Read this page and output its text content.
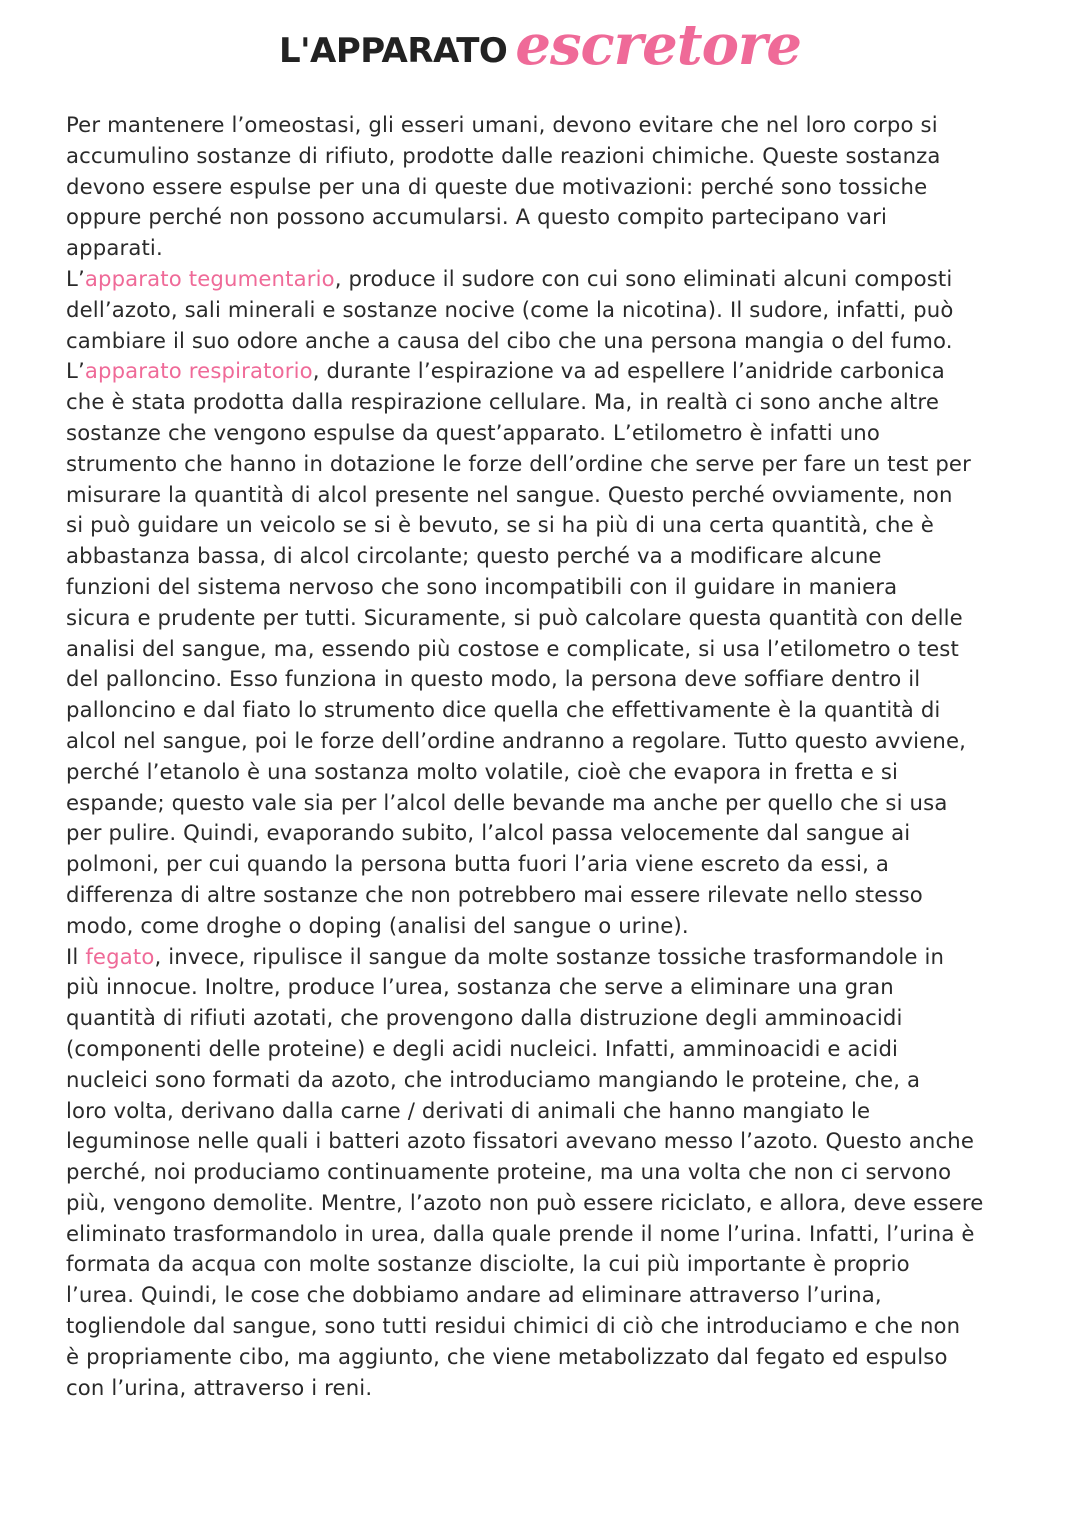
L'APPARATO escretore
Per mantenere l’omeostasi, gli esseri umani, devono evitare che nel loro corpo si
accumulino sostanze di rifiuto, prodotte dalle reazioni chimiche. Queste sostanza
devono essere espulse per una di queste due motivazioni: perché sono tossiche
oppure perché non possono accumularsi. A questo compito partecipano vari
apparati.
L’apparato tegumentario, produce il sudore con cui sono eliminati alcuni composti
dell’azoto, sali minerali e sostanze nocive (come la nicotina). Il sudore, infatti, può
cambiare il suo odore anche a causa del cibo che una persona mangia o del fumo.
L’apparato respiratorio, durante l’espirazione va ad espellere l’anidride carbonica
che è stata prodotta dalla respirazione cellulare. Ma, in realtà ci sono anche altre
sostanze che vengono espulse da quest’apparato. L’etilometro è infatti uno
strumento che hanno in dotazione le forze dell’ordine che serve per fare un test per
misurare la quantità di alcol presente nel sangue. Questo perché ovviamente, non
si può guidare un veicolo se si è bevuto, se si ha più di una certa quantità, che è
abbastanza bassa, di alcol circolante; questo perché va a modificare alcune
funzioni del sistema nervoso che sono incompatibili con il guidare in maniera
sicura e prudente per tutti. Sicuramente, si può calcolare questa quantità con delle
analisi del sangue, ma, essendo più costose e complicate, si usa l’etilometro o test
del palloncino. Esso funziona in questo modo, la persona deve soffiare dentro il
palloncino e dal fiato lo strumento dice quella che effettivamente è la quantità di
alcol nel sangue, poi le forze dell’ordine andranno a regolare. Tutto questo avviene,
perché l’etanolo è una sostanza molto volatile, cioè che evapora in fretta e si
espande; questo vale sia per l’alcol delle bevande ma anche per quello che si usa
per pulire. Quindi, evaporando subito, l’alcol passa velocemente dal sangue ai
polmoni, per cui quando la persona butta fuori l’aria viene escreto da essi, a
differenza di altre sostanze che non potrebbero mai essere rilevate nello stesso
modo, come droghe o doping (analisi del sangue o urine).
Il fegato, invece, ripulisce il sangue da molte sostanze tossiche trasformandole in
più innocue. Inoltre, produce l’urea, sostanza che serve a eliminare una gran
quantità di rifiuti azotati, che provengono dalla distruzione degli amminoacidi
(componenti delle proteine) e degli acidi nucleici. Infatti, amminoacidi e acidi
nucleici sono formati da azoto, che introduciamo mangiando le proteine, che, a
loro volta, derivano dalla carne / derivati di animali che hanno mangiato le
leguminose nelle quali i batteri azoto fissatori avevano messo l’azoto. Questo anche
perché, noi produciamo continuamente proteine, ma una volta che non ci servono
più, vengono demolite. Mentre, l’azoto non può essere riciclato, e allora, deve essere
eliminato trasformandolo in urea, dalla quale prende il nome l’urina. Infatti, l’urina è
formata da acqua con molte sostanze disciolte, la cui più importante è proprio
l’urea. Quindi, le cose che dobbiamo andare ad eliminare attraverso l’urina,
togliendole dal sangue, sono tutti residui chimici di ciò che introduciamo e che non
è propriamente cibo, ma aggiunto, che viene metabolizzato dal fegato ed espulso
con l’urina, attraverso i reni.
